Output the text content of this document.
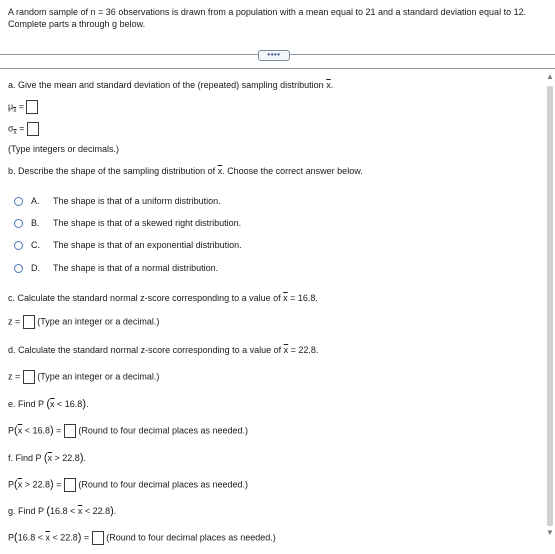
A random sample of n = 36 observations is drawn from a population with a mean equal to 21 and a standard deviation equal to 12. Complete parts a through g below.
••••
a. Give the mean and standard deviation of the (repeated) sampling distribution $\overline{x}$.
$\mu_{\overline{x}}$ =
$\sigma_{\overline{x}}$ =
(Type integers or decimals.)
b. Describe the shape of the sampling distribution of $\overline{x}$. Choose the correct answer below.
A. The shape is that of a uniform distribution.
B. The shape is that of a skewed right distribution.
C. The shape is that of an exponential distribution.
D. The shape is that of a normal distribution.
c. Calculate the standard normal z-score corresponding to a value of $\overline{x} = 16.8$.
z = (Type an integer or a decimal.)
d. Calculate the standard normal z-score corresponding to a value of $\overline{x} = 22.8$.
z = (Type an integer or a decimal.)
e. Find P $(\overline{x} < 16.8)$.
$P(\overline{x} < 16.8)$ =  (Round to four decimal places as needed.)
f. Find P $(\overline{x} > 22.8)$.
$P(\overline{x} > 22.8)$ =  (Round to four decimal places as needed.)
g. Find P $(16.8 < \overline{x} < 22.8)$.
$P(16.8 < \overline{x} < 22.8)$ =  (Round to four decimal places as needed.)
▲
▼
